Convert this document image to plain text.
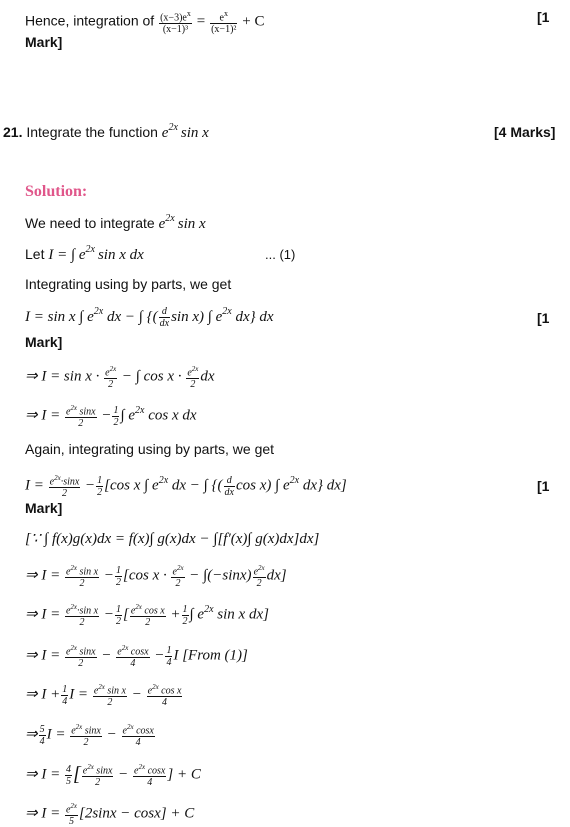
Hence, integration of $\frac{(x-3)e^x}{\text{(x−1)³}} = \frac{e^x}{\text{(x−1)²}} + C$	[1
Mark]
21. Integrate the function $e^{2x}$ sin x	[4 Marks]
Solution:
We need to integrate $e^{2x}$ sin x
Let I = ∫ $e^{2x}$ sin x dx	... (1)
Integrating using by parts, we get
I = sin x ∫ $e^{2x}$ dx − ∫ {( $\frac{d}{dx}$ sin x) ∫ $e^{2x}$ dx} dx	[1
Mark]
⇒ $I = \sin x \cdot \frac{e^{2x}}{2}$ − ∫ $\cos x \cdot \frac{e^{2x}}{2}$ dx
⇒ $I = \frac{e^{2x} \sin x}{2} - \frac{1}{2}$ ∫ $e^{2x}$ cos x dx
Again, integrating using by parts, we get
$I = \frac{e^{2x}\cdot\sin x}{2} - \frac{1}{2} [\cos$ x ∫ $e^{2x}$ dx − ∫ {( $\frac{d}{dx}$ cos x) ∫ $e^{2x}$ dx} dx]	[1
Mark]
[∵ ∫ f(x)g(x)dx = f(x)∫ g(x)dx − ∫[f′(x)∫ g(x)dx]dx]
⇒ $I = \frac{e^{2x} \sin x}{2} - \frac{1}{2} [\cos$ $x \cdot \frac{e^{2x}}{2} - \int(-\sin x) \frac{e^{2x}}{2} dx$]
⇒ $I = \frac{e^{2x}\cdot\sin x}{2} - \frac{1}{2}$ [ $\frac{e^{2x} \cos x}{2} + \frac{1}{2}$ ∫ $e^{2x}$ sin x dx]
⇒ $I = \frac{e^{2x} \sin x}{2} - \frac{e^{2x} \cos x}{4} - \frac{1}{4}$ I [From (1)]
⇒ $I + \frac{1}{4}$ $I = \frac{e^{2x} \sin x}{2} - \frac{e^{2x} \cos x}{4}$
⇒ $\frac{5}{4}$ $I = \frac{e^{2x} \sin x}{2} - \frac{e^{2x} \cos x}{4}$
⇒ $I = \frac{4}{5}$ [ $\frac{e^{2x} \sin x}{2} - \frac{e^{2x} \cos x}{4}$ ] + C
⇒ $I = \frac{e^{2x}}{5} [2\sin x - \cos x] + C$
